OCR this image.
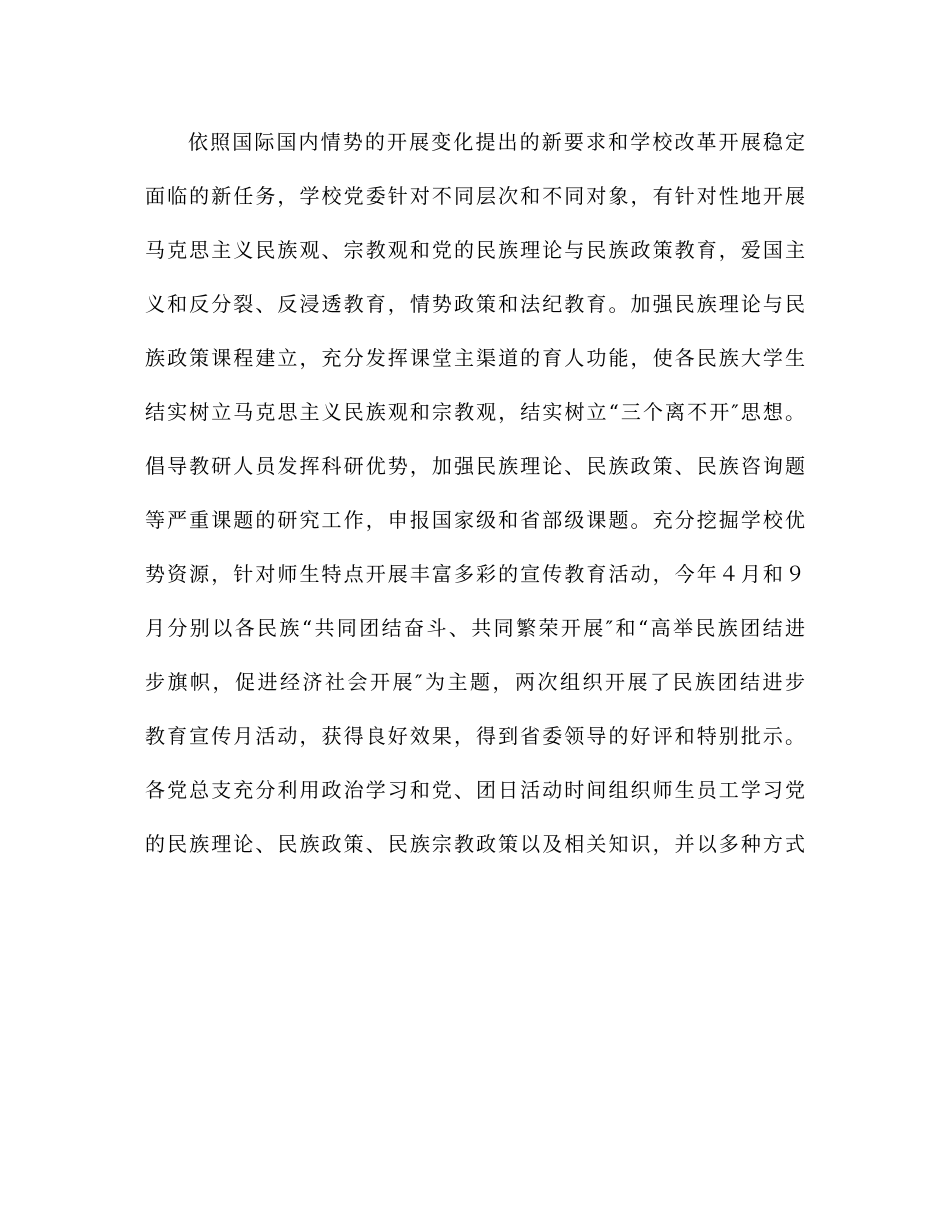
依照国际国内情势的开展变化提出的新要求和学校改革开展稳定
面临的新任务，学校党委针对不同层次和不同对象，有针对性地开展
马克思主义民族观、宗教观和党的民族理论与民族政策教育，爱国主
义和反分裂、反浸透教育，情势政策和法纪教育。加强民族理论与民
族政策课程建立，充分发挥课堂主渠道的育人功能，使各民族大学生
结实树立马克思主义民族观和宗教观，结实树立“三个离不开″思想。
倡导教研人员发挥科研优势，加强民族理论、民族政策、民族咨询题
等严重课题的研究工作，申报国家级和省部级课题。充分挖掘学校优
势资源，针对师生特点开展丰富多彩的宣传教育活动，今年４月和９
月分别以各民族“共同团结奋斗、共同繁荣开展″和“高举民族团结进
步旗帜，促进经济社会开展″为主题，两次组织开展了民族团结进步
教育宣传月活动，获得良好效果，得到省委领导的好评和特别批示。
各党总支充分利用政治学习和党、团日活动时间组织师生员工学习党
的民族理论、民族政策、民族宗教政策以及相关知识，并以多种方式
